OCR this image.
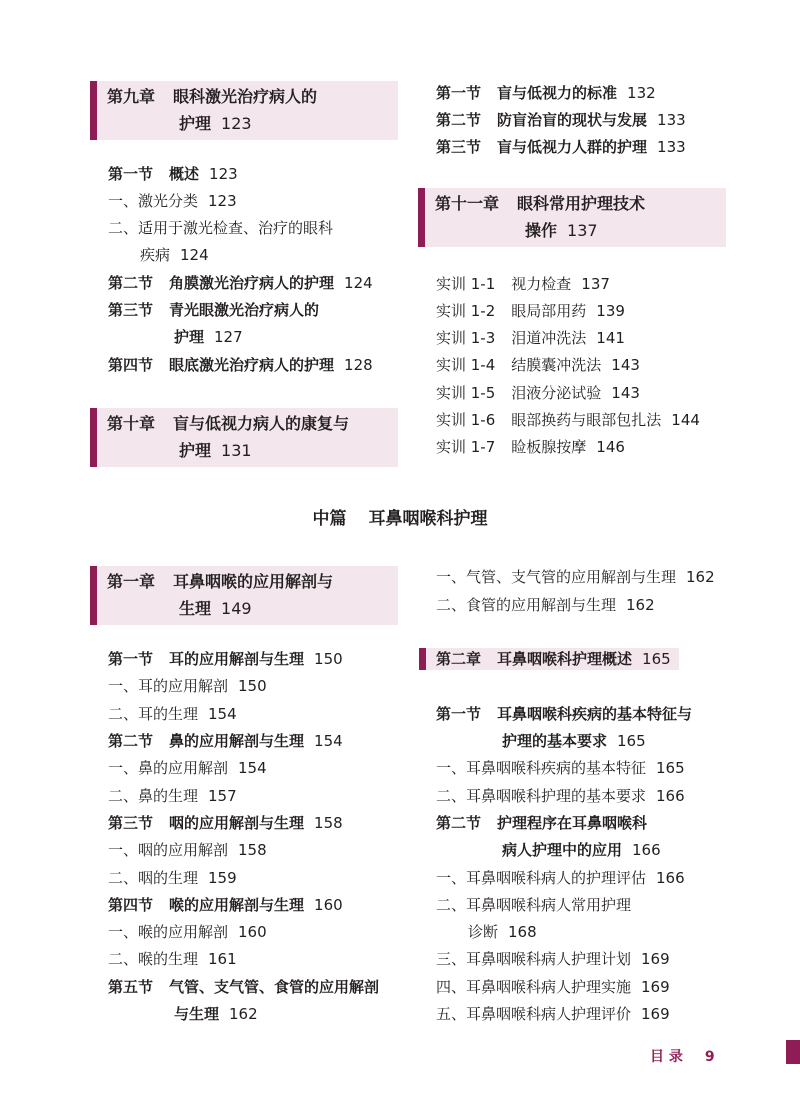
第九章 眼科激光治疗病人的
护理 123
第一节 概述 123
一、激光分类 123
二、适用于激光检查、治疗的眼科
疾病 124
第二节 角膜激光治疗病人的护理 124
第三节 青光眼激光治疗病人的
护理 127
第四节 眼底激光治疗病人的护理 128
第十章 盲与低视力病人的康复与
护理 131
第一节 盲与低视力的标准 132
第二节 防盲治盲的现状与发展 133
第三节 盲与低视力人群的护理 133
第十一章 眼科常用护理技术
操作 137
实训 1-1 视力检查 137
实训 1-2 眼局部用药 139
实训 1-3 泪道冲洗法 141
实训 1-4 结膜囊冲洗法 143
实训 1-5 泪液分泌试验 143
实训 1-6 眼部换药与眼部包扎法 144
实训 1-7 睑板腺按摩 146
中篇 耳鼻咽喉科护理
第一章 耳鼻咽喉的应用解剖与
生理 149
第一节 耳的应用解剖与生理 150
一、耳的应用解剖 150
二、耳的生理 154
第二节 鼻的应用解剖与生理 154
一、鼻的应用解剖 154
二、鼻的生理 157
第三节 咽的应用解剖与生理 158
一、咽的应用解剖 158
二、咽的生理 159
第四节 喉的应用解剖与生理 160
一、喉的应用解剖 160
二、喉的生理 161
第五节 气管、支气管、食管的应用解剖
与生理 162
一、气管、支气管的应用解剖与生理 162
二、食管的应用解剖与生理 162
第二章 耳鼻咽喉科护理概述 165
第一节 耳鼻咽喉科疾病的基本特征与
护理的基本要求 165
一、耳鼻咽喉科疾病的基本特征 165
二、耳鼻咽喉科护理的基本要求 166
第二节 护理程序在耳鼻咽喉科
病人护理中的应用 166
一、耳鼻咽喉科病人的护理评估 166
二、耳鼻咽喉科病人常用护理
诊断 168
三、耳鼻咽喉科病人护理计划 169
四、耳鼻咽喉科病人护理实施 169
五、耳鼻咽喉科病人护理评价 169
目 录 9
